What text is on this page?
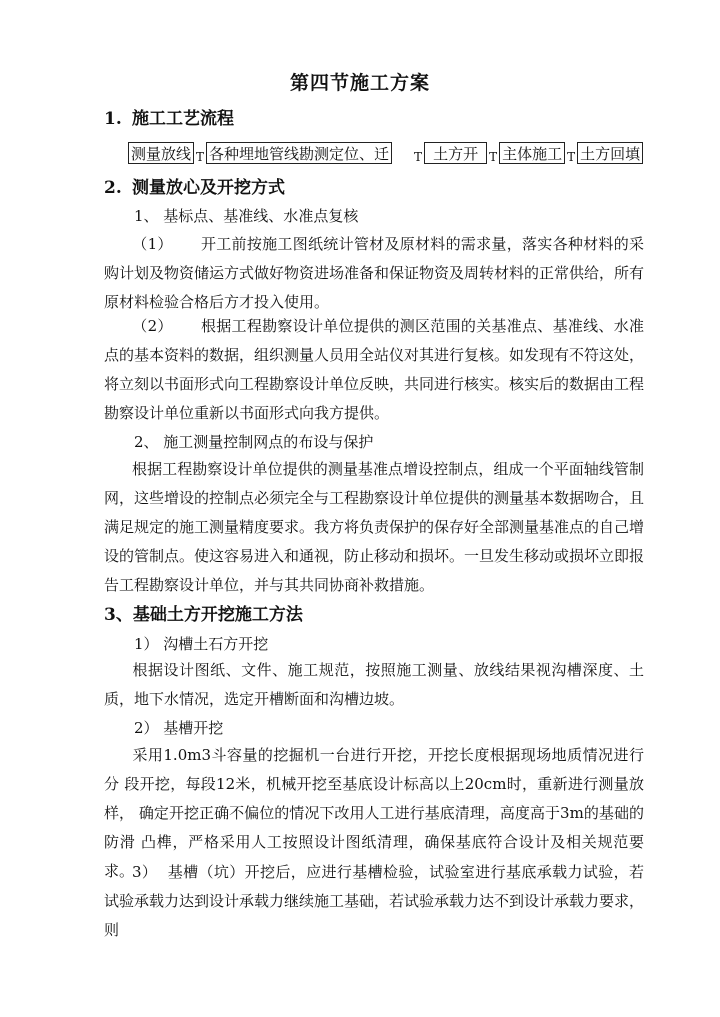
第四节施工方案
1. 施工工艺流程
测量放线 T 各种埋地管线勘测定位、迁	T 土方开 T 主体施工 T 土方回填
2. 测量放心及开挖方式
1、 基标点、基准线、水准点复核
（1） 开工前按施工图纸统计管材及原材料的需求量，落实各种材料的采购计划及物资储运方式做好物资进场准备和保证物资及周转材料的正常供给，所有原材料检验合格后方才投入使用。
（2） 根据工程勘察设计单位提供的测区范围的关基准点、基准线、水准点的基本资料的数据，组织测量人员用全站仪对其进行复核。如发现有不符这处，将立刻以书面形式向工程勘察设计单位反映，共同进行核实。核实后的数据由工程勘察设计单位重新以书面形式向我方提供。
2、 施工测量控制网点的布设与保护
根据工程勘察设计单位提供的测量基准点增设控制点，组成一个平面轴线管制网，这些增设的控制点必须完全与工程勘察设计单位提供的测量基本数据吻合，且满足规定的施工测量精度要求。我方将负责保护的保存好全部测量基准点的自己增设的管制点。使这容易进入和通视，防止移动和损坏。一旦发生移动或损坏立即报告工程勘察设计单位，并与其共同协商补救措施。
3、基础土方开挖施工方法
1） 沟槽土石方开挖
根据设计图纸、文件、施工规范，按照施工测量、放线结果视沟槽深度、土质，地下水情况，选定开槽断面和沟槽边坡。
2） 基槽开挖
采用1.0m3斗容量的挖掘机一台进行开挖，开挖长度根据现场地质情况进行分 段开挖，每段12米，机械开挖至基底设计标高以上20cm时，重新进行测量放样， 确定开挖正确不偏位的情况下改用人工进行基底清理，高度高于3m的基础的防滑 凸榫，严格采用人工按照设计图纸清理，确保基底符合设计及相关规范要求。
3） 基槽（坑）开挖后，应进行基槽检验，试验室进行基底承载力试验，若试验承载力达到设计承载力继续施工基础，若试验承载力达不到设计承载力要求，则
